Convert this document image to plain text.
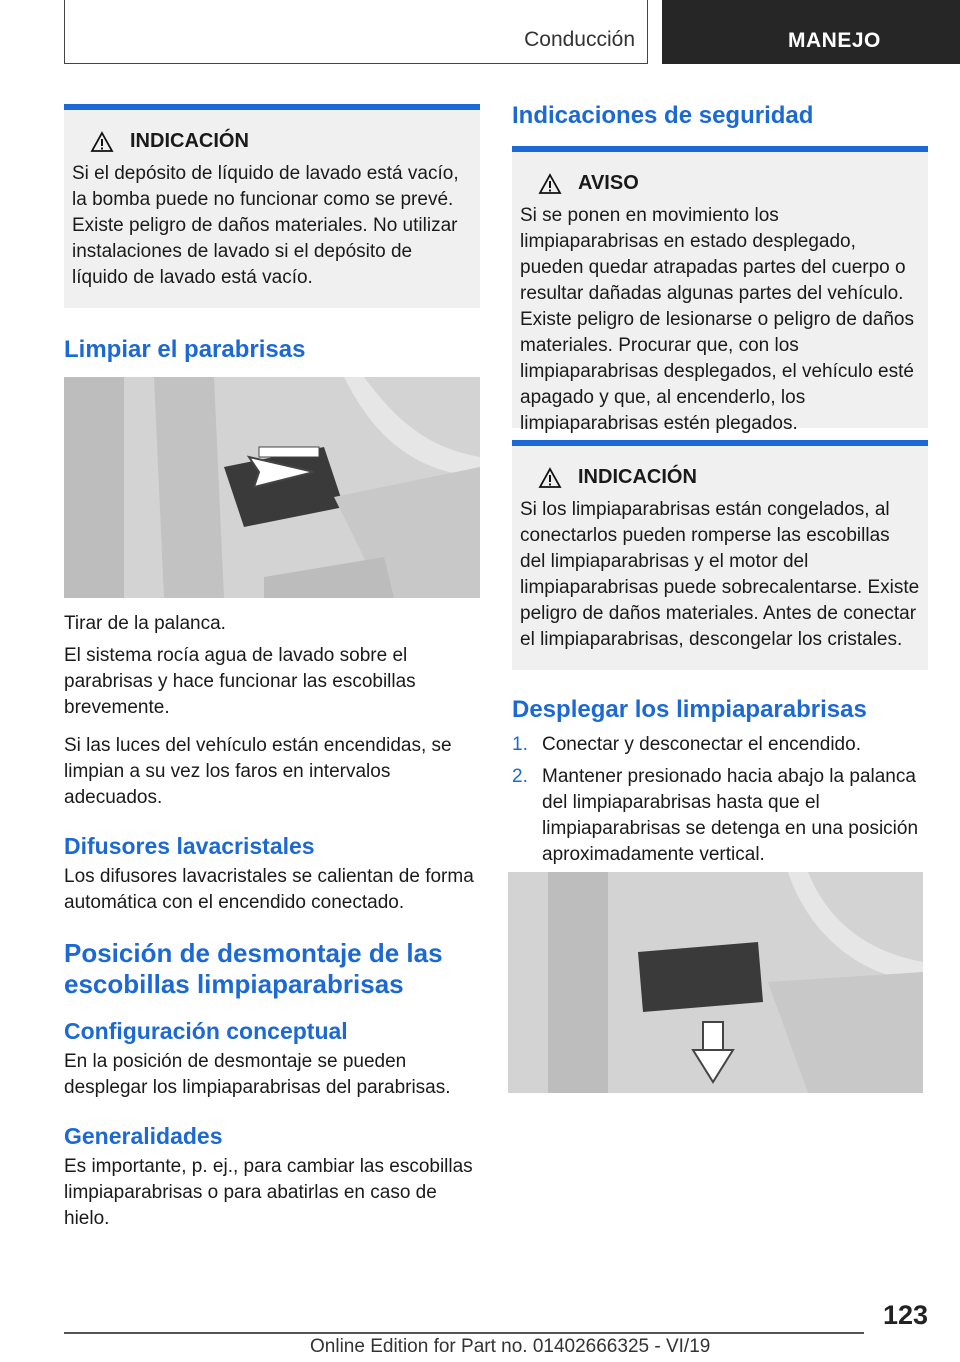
Conducción	MANEJO
INDICACIÓN

Si el depósito de líquido de lavado está vacío, la bomba puede no funcionar como se prevé. Existe peligro de daños materiales. No utilizar instalaciones de lavado si el depósito de líquido de lavado está vacío.

Limpiar el parabrisas

Tirar de la palanca.

El sistema rocía agua de lavado sobre el parabrisas y hace funcionar las escobillas brevemente.

Si las luces del vehículo están encendidas, se limpian a su vez los faros en intervalos adecuados.

Difusores lavacristales

Los difusores lavacristales se calientan de forma automática con el encendido conectado.

Posición de desmontaje de las escobillas limpiaparabrisas
Configuración conceptual

En la posición de desmontaje se pueden desplegar los limpiaparabrisas del parabrisas.

Generalidades

Es importante, p. ej., para cambiar las escobillas limpiaparabrisas o para abatirlas en caso de hielo.

Indicaciones de seguridad
AVISO

Si se ponen en movimiento los limpiaparabrisas en estado desplegado, pueden quedar atrapadas partes del cuerpo o resultar dañadas algunas partes del vehículo. Existe peligro de lesionarse o peligro de daños materiales. Procurar que, con los limpiaparabrisas desplegados, el vehículo esté apagado y que, al encenderlo, los limpiaparabrisas estén plegados.

INDICACIÓN

Si los limpiaparabrisas están congelados, al conectarlos pueden romperse las escobillas del limpiaparabrisas y el motor del limpiaparabrisas puede sobrecalentarse. Existe peligro de daños materiales. Antes de conectar el limpiaparabrisas, descongelar los cristales.

Desplegar los limpiaparabrisas
1. Conectar y desconectar el encendido.
2. Mantener presionado hacia abajo la palanca del limpiaparabrisas hasta que el limpiaparabrisas se detenga en una posición aproximadamente vertical.
123
Online Edition for Part no. 01402666325 - VI/19
